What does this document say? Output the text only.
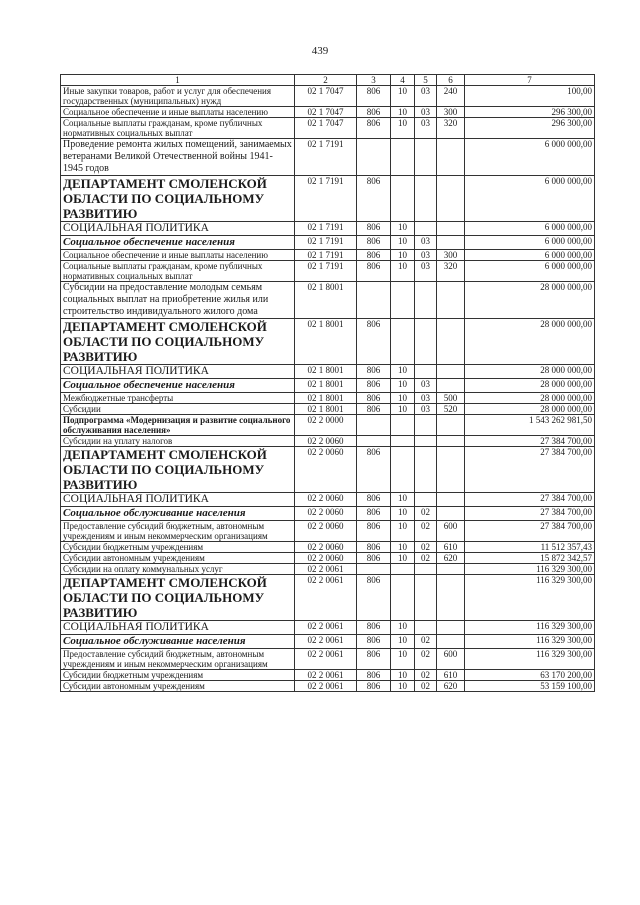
439
1	2	3	4	5	6	7
Иные закупки товаров, работ и услуг для обеспечения государственных (муниципальных) нужд	02 1 7047	806	10	03	240	100,00
Социальное обеспечение и иные выплаты населению	02 1 7047	806	10	03	300	296 300,00
Социальные выплаты гражданам, кроме публичных нормативных социальных выплат	02 1 7047	806	10	03	320	296 300,00
Проведение ремонта жилых помещений, занимаемых ветеранами Великой Отечественной войны 1941-1945 годов	02 1 7191					6 000 000,00
ДЕПАРТАМЕНТ СМОЛЕНСКОЙ ОБЛАСТИ ПО СОЦИАЛЬНОМУ РАЗВИТИЮ	02 1 7191	806				6 000 000,00
СОЦИАЛЬНАЯ ПОЛИТИКА	02 1 7191	806	10			6 000 000,00
Социальное обеспечение населения	02 1 7191	806	10	03		6 000 000,00
Социальное обеспечение и иные выплаты населению	02 1 7191	806	10	03	300	6 000 000,00
Социальные выплаты гражданам, кроме публичных нормативных социальных выплат	02 1 7191	806	10	03	320	6 000 000,00
Субсидии на предоставление молодым семьям социальных выплат на приобретение жилья или строительство индивидуального жилого дома	02 1 8001					28 000 000,00
ДЕПАРТАМЕНТ СМОЛЕНСКОЙ ОБЛАСТИ ПО СОЦИАЛЬНОМУ РАЗВИТИЮ	02 1 8001	806				28 000 000,00
СОЦИАЛЬНАЯ ПОЛИТИКА	02 1 8001	806	10			28 000 000,00
Социальное обеспечение населения	02 1 8001	806	10	03		28 000 000,00
Межбюджетные трансферты	02 1 8001	806	10	03	500	28 000 000,00
Субсидии	02 1 8001	806	10	03	520	28 000 000,00
Подпрограмма «Модернизация и развитие социального обслуживания населения»	02 2 0000					1 543 262 981,50
Субсидии на уплату налогов	02 2 0060					27 384 700,00
ДЕПАРТАМЕНТ СМОЛЕНСКОЙ ОБЛАСТИ ПО СОЦИАЛЬНОМУ РАЗВИТИЮ	02 2 0060	806				27 384 700,00
СОЦИАЛЬНАЯ ПОЛИТИКА	02 2 0060	806	10			27 384 700,00
Социальное обслуживание населения	02 2 0060	806	10	02		27 384 700,00
Предоставление субсидий бюджетным, автономным учреждениям и иным некоммерческим организациям	02 2 0060	806	10	02	600	27 384 700,00
Субсидии бюджетным учреждениям	02 2 0060	806	10	02	610	11 512 357,43
Субсидии автономным учреждениям	02 2 0060	806	10	02	620	15 872 342,57
Субсидии на оплату коммунальных услуг	02 2 0061					116 329 300,00
ДЕПАРТАМЕНТ СМОЛЕНСКОЙ ОБЛАСТИ ПО СОЦИАЛЬНОМУ РАЗВИТИЮ	02 2 0061	806				116 329 300,00
СОЦИАЛЬНАЯ ПОЛИТИКА	02 2 0061	806	10			116 329 300,00
Социальное обслуживание населения	02 2 0061	806	10	02		116 329 300,00
Предоставление субсидий бюджетным, автономным учреждениям и иным некоммерческим организациям	02 2 0061	806	10	02	600	116 329 300,00
Субсидии бюджетным учреждениям	02 2 0061	806	10	02	610	63 170 200,00
Субсидии автономным учреждениям	02 2 0061	806	10	02	620	53 159 100,00
